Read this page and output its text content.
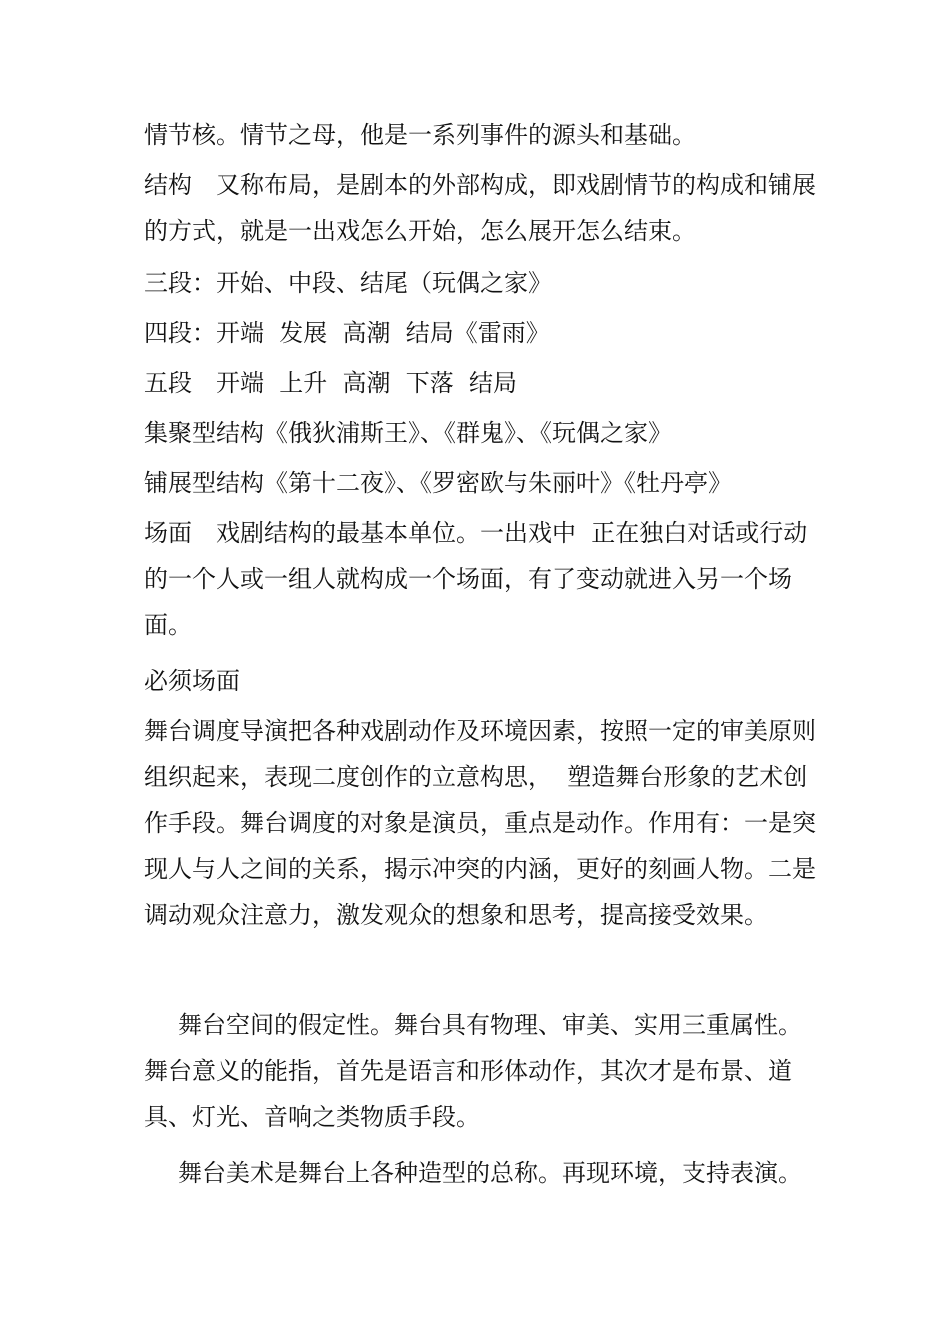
情节核。情节之母，他是一系列事件的源头和基础。
结构　又称布局，是剧本的外部构成，即戏剧情节的构成和铺展的方式，就是一出戏怎么开始，怎么展开怎么结束。
三段：开始、中段、结尾（玩偶之家》
四段：开端  发展  高潮  结局《雷雨》
五段　开端  上升  高潮  下落  结局
集聚型结构《俄狄浦斯王》、《群鬼》、《玩偶之家》
铺展型结构《第十二夜》、《罗密欧与朱丽叶》《牡丹亭》
场面　戏剧结构的最基本单位。一出戏中  正在独白对话或行动的一个人或一组人就构成一个场面，有了变动就进入另一个场面。
必须场面
舞台调度导演把各种戏剧动作及环境因素，按照一定的审美原则组织起来，表现二度创作的立意构思，  塑造舞台形象的艺术创作手段。舞台调度的对象是演员，重点是动作。作用有：一是突现人与人之间的关系，揭示冲突的内涵，更好的刻画人物。二是调动观众注意力，激发观众的想象和思考，提高接受效果。
舞台空间的假定性。舞台具有物理、审美、实用三重属性。舞台意义的能指，首先是语言和形体动作，其次才是布景、道具、灯光、音响之类物质手段。
舞台美术是舞台上各种造型的总称。再现环境，支持表演。
